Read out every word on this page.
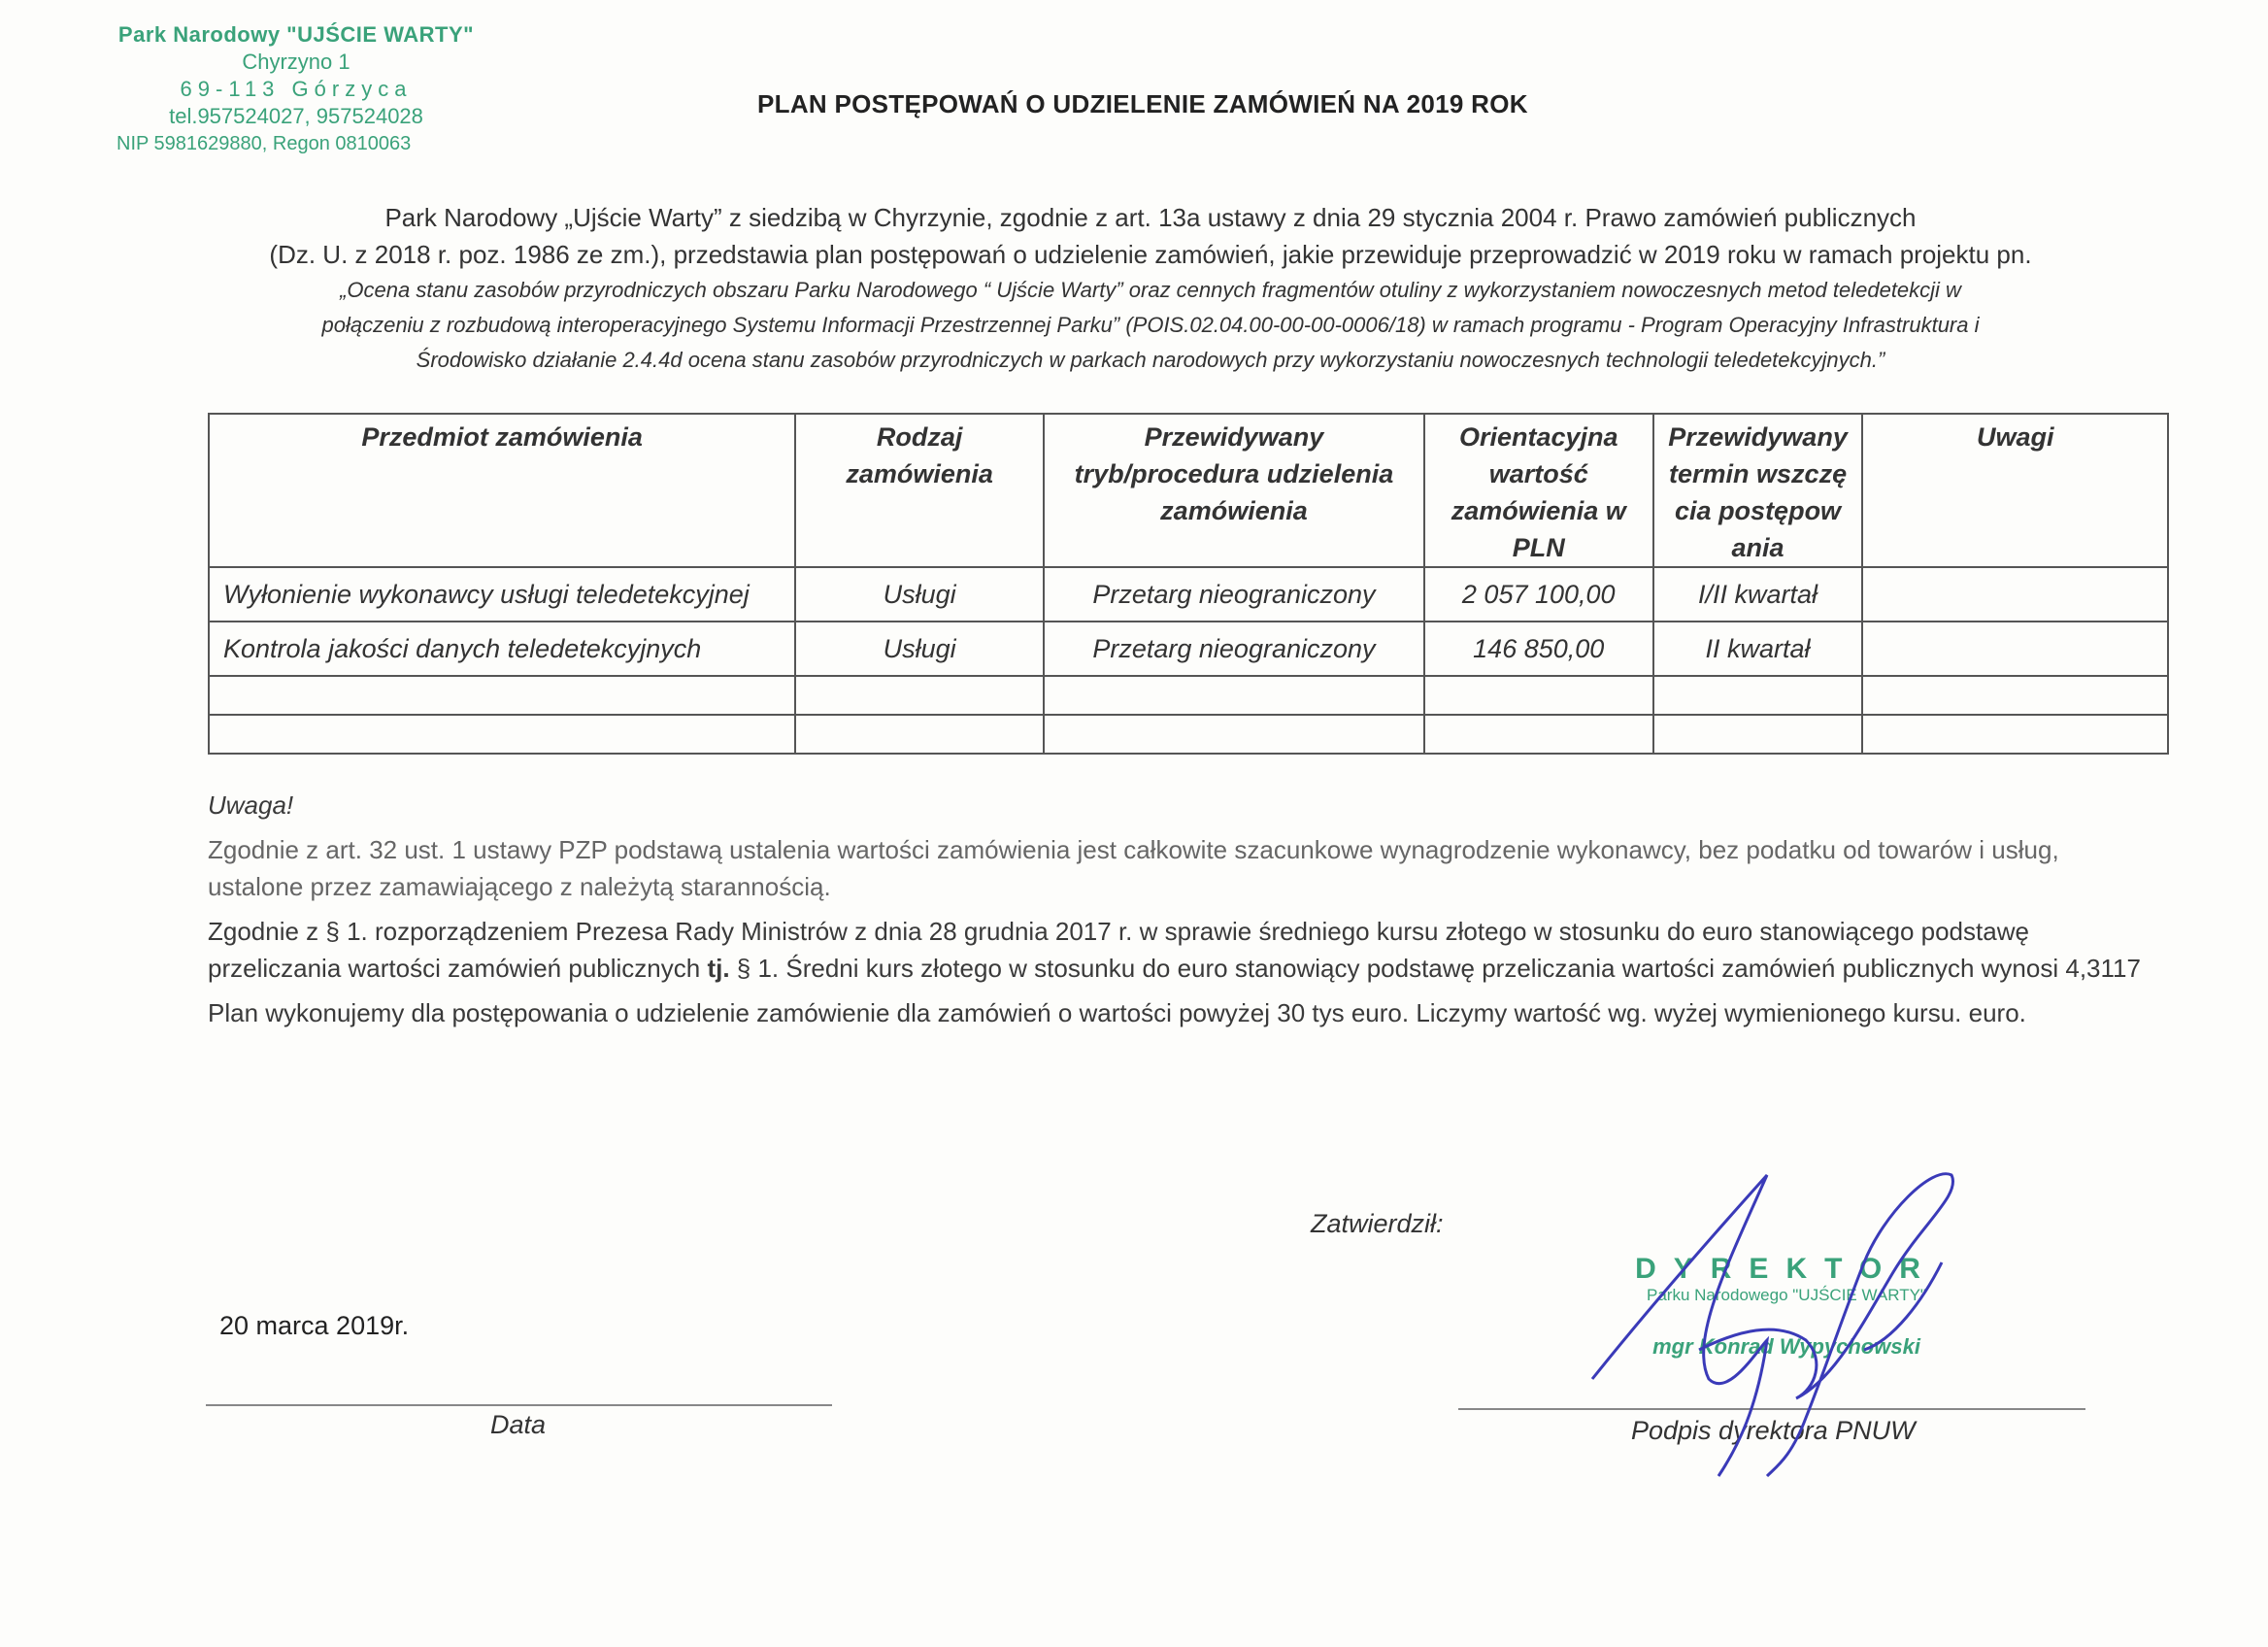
Park Narodowy "UJŚCIE WARTY"
Chyrzyno 1
69-113 Górzyca
tel.957524027, 957524028
NIP 5981629880, Regon 0810063
PLAN POSTĘPOWAŃ O UDZIELENIE ZAMÓWIEŃ NA 2019 ROK
Park Narodowy „Ujście Warty” z siedzibą w Chyrzynie, zgodnie z art. 13a ustawy z dnia 29 stycznia 2004 r. Prawo zamówień publicznych
(Dz. U. z 2018 r. poz. 1986 ze zm.), przedstawia plan postępowań o udzielenie zamówień, jakie przewiduje przeprowadzić w 2019 roku w ramach projektu pn.
„Ocena stanu zasobów przyrodniczych obszaru Parku Narodowego “ Ujście Warty” oraz cennych fragmentów otuliny z wykorzystaniem nowoczesnych metod teledetekcji w
połączeniu z rozbudową interoperacyjnego Systemu Informacji Przestrzennej Parku” (POIS.02.04.00-00-00-0006/18) w ramach programu - Program Operacyjny Infrastruktura i
Środowisko działanie 2.4.4d ocena stanu zasobów przyrodniczych w parkach narodowych przy wykorzystaniu nowoczesnych technologii teledetekcyjnych.”
Przedmiot zamówienia	Rodzaj zamówienia	Przewidywany tryb/procedura udzielenia zamówienia	Orientacyjna wartość zamówienia w PLN	Przewidywany termin wszczęcia postępowania	Uwagi
Wyłonienie wykonawcy usługi teledetekcyjnej	Usługi	Przetarg nieograniczony	2 057 100,00	I/II kwartał	
Kontrola jakości danych teledetekcyjnych	Usługi	Przetarg nieograniczony	146 850,00	II kwartał	

Uwaga!

Zgodnie z art. 32 ust. 1 ustawy PZP podstawą ustalenia wartości zamówienia jest całkowite szacunkowe wynagrodzenie wykonawcy, bez podatku od towarów i usług, ustalone przez zamawiającego z należytą starannością.

Zgodnie z § 1. rozporządzeniem Prezesa Rady Ministrów z dnia 28 grudnia 2017 r. w sprawie średniego kursu złotego w stosunku do euro stanowiącego podstawę przeliczania wartości zamówień publicznych tj. § 1. Średni kurs złotego w stosunku do euro stanowiący podstawę przeliczania wartości zamówień publicznych wynosi 4,3117

Plan wykonujemy dla postępowania o udzielenie zamówienie dla zamówień o wartości powyżej 30 tys euro. Liczymy wartość wg. wyżej wymienionego kursu. euro.

Zatwierdził:
20 marca 2019r.
Data	Podpis dyrektora PNUW
DYREKTOR
Parku Narodowego "UJŚCIE WARTY"
mgr Konrad Wypychowski
